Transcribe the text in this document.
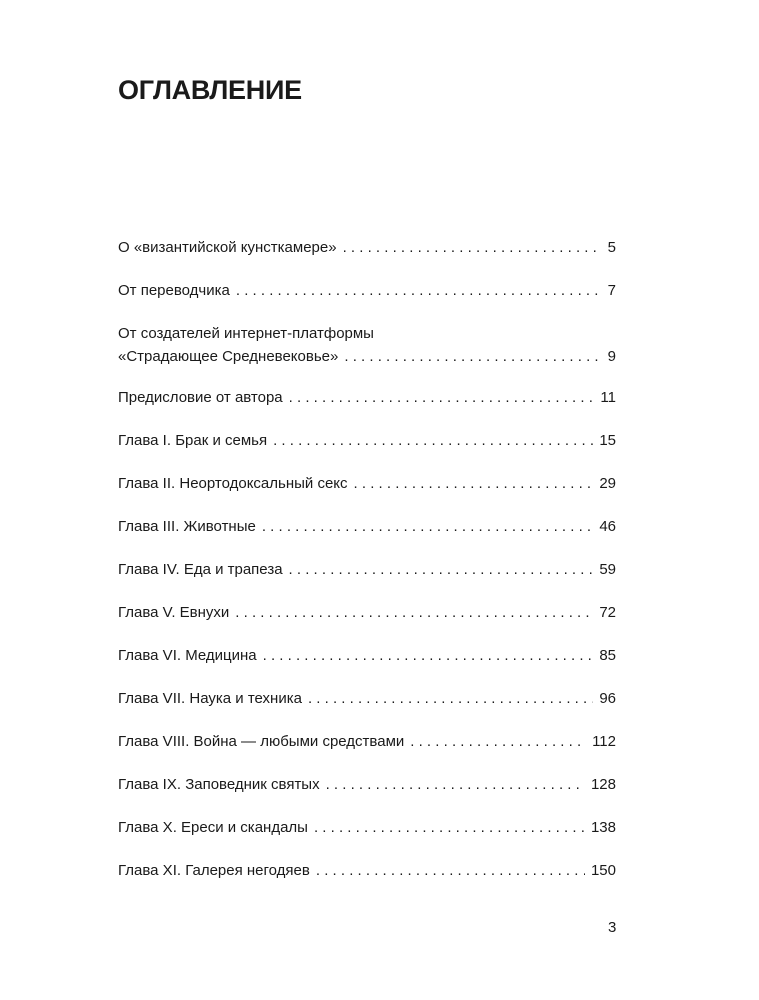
ОГЛАВЛЕНИЕ
О «византийской кунсткамере» . . .	5
От переводчика . . .	7
От создателей интернет-платформы
«Страдающее Средневековье» . . .	9
Предисловие от автора . . .	11
Глава I. Брак и семья . . .	15
Глава II. Неортодоксальный секс . . .	29
Глава III. Животные . . .	46
Глава IV. Еда и трапеза . . .	59
Глава V. Евнухи . . .	72
Глава VI. Медицина . . .	85
Глава VII. Наука и техника . . .	96
Глава VIII. Война — любыми средствами . . .	112
Глава IX. Заповедник святых . . .	128
Глава X. Ереси и скандалы . . .	138
Глава XI. Галерея негодяев . . .	150
3
